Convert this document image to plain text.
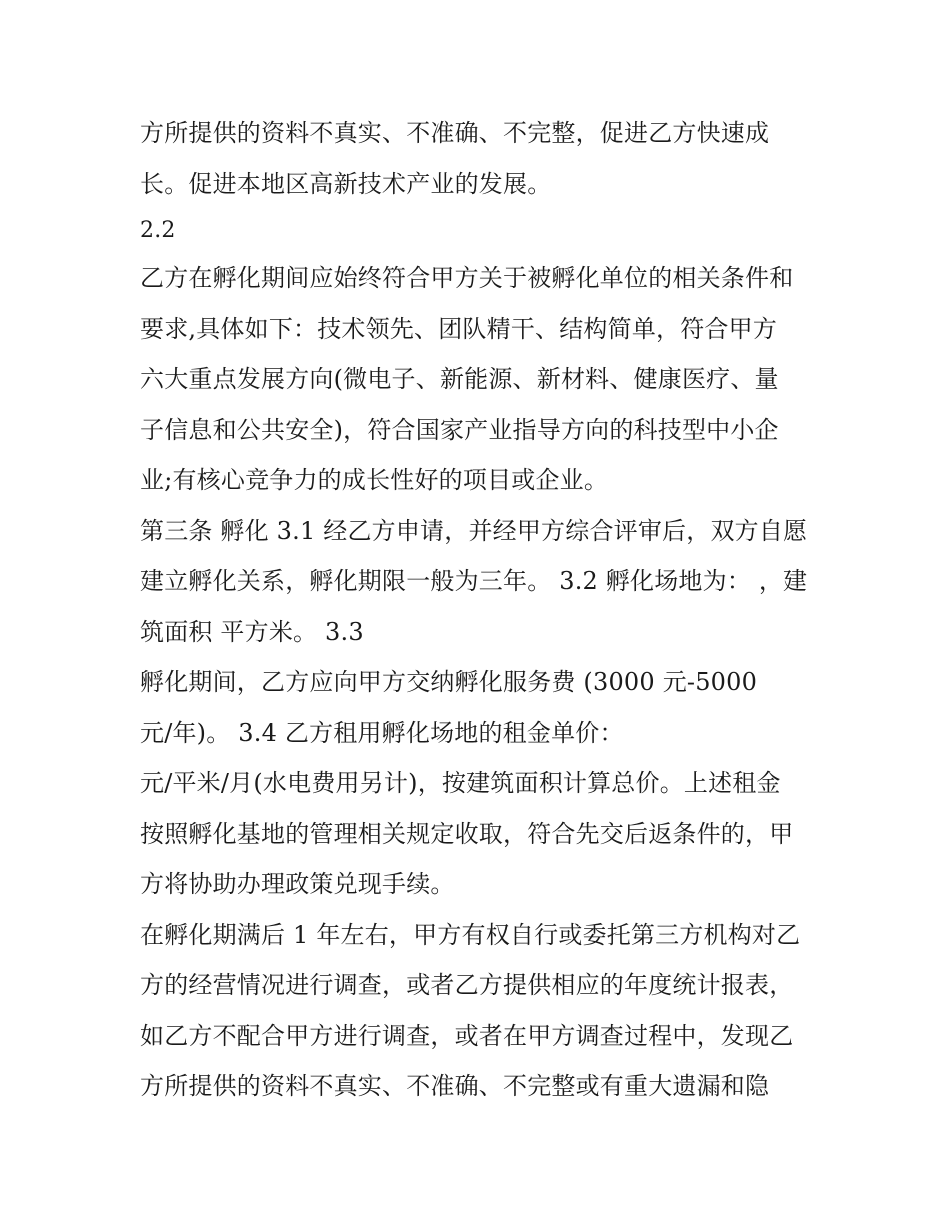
方所提供的资料不真实、不准确、不完整，促进乙方快速成
长。促进本地区高新技术产业的发展。
2.2
乙方在孵化期间应始终符合甲方关于被孵化单位的相关条件和
要求,具体如下：技术领先、团队精干、结构简单，符合甲方
六大重点发展方向(微电子、新能源、新材料、健康医疗、量
子信息和公共安全)，符合国家产业指导方向的科技型中小企
业;有核心竞争力的成长性好的项目或企业。
第三条 孵化 3.1 经乙方申请，并经甲方综合评审后，双方自愿
建立孵化关系，孵化期限一般为三年。 3.2 孵化场地为： ，建
筑面积 平方米。 3.3
孵化期间，乙方应向甲方交纳孵化服务费 (3000 元-5000
元/年)。 3.4 乙方租用孵化场地的租金单价：
元/平米/月(水电费用另计)，按建筑面积计算总价。上述租金
按照孵化基地的管理相关规定收取，符合先交后返条件的，甲
方将协助办理政策兑现手续。
在孵化期满后 1 年左右，甲方有权自行或委托第三方机构对乙
方的经营情况进行调查，或者乙方提供相应的年度统计报表，
如乙方不配合甲方进行调查，或者在甲方调查过程中，发现乙
方所提供的资料不真实、不准确、不完整或有重大遗漏和隐
